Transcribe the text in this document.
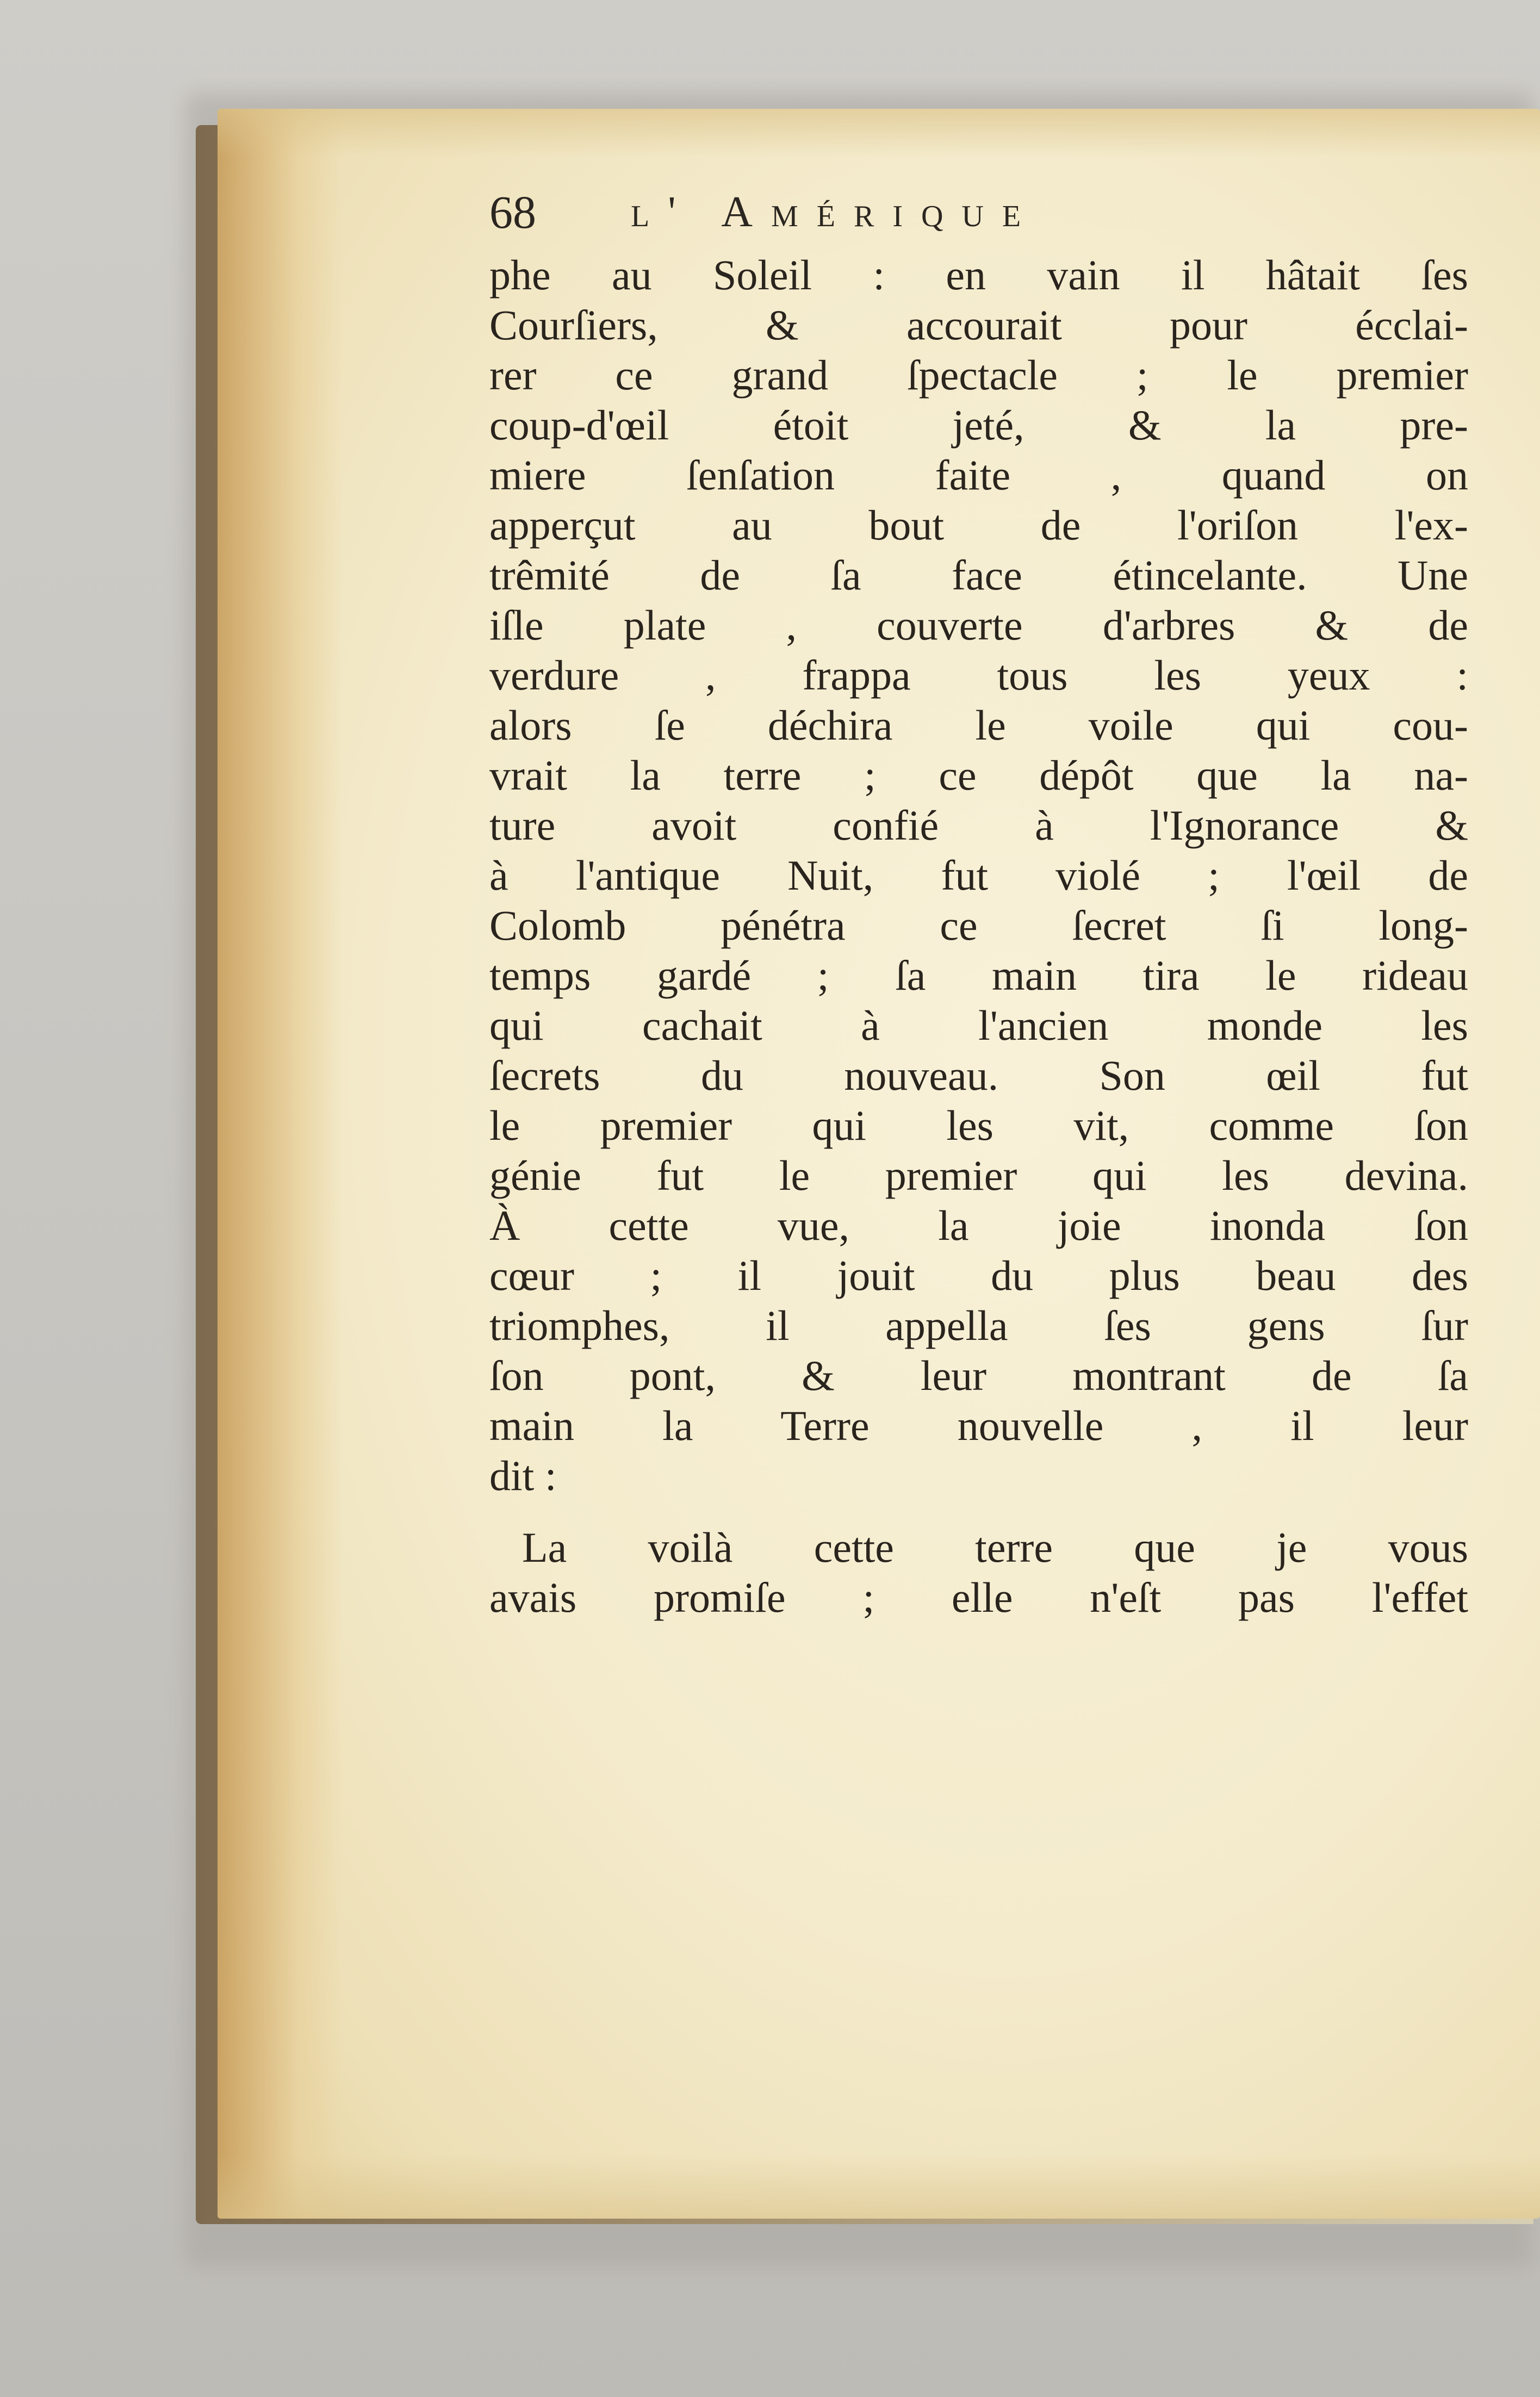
68 l' Amérique
phe au Soleil : en vain il hâtait ſes
Courſiers, & accourait pour écclai-
rer ce grand ſpectacle ; le premier
coup-d'œil étoit jeté, & la pre-
miere ſenſation faite , quand on
apperçut au bout de l'oriſon l'ex-
trêmité de ſa face étincelante. Une
iſle plate , couverte d'arbres & de
verdure , frappa tous les yeux :
alors ſe déchira le voile qui cou-
vrait la terre ; ce dépôt que la na-
ture avoit confié à l'Ignorance &
à l'antique Nuit, fut violé ; l'œil de
Colomb pénétra ce ſecret ſi long-
temps gardé ; ſa main tira le rideau
qui cachait à l'ancien monde les
ſecrets du nouveau. Son œil fut
le premier qui les vit, comme ſon
génie fut le premier qui les devina.
À cette vue, la joie inonda ſon
cœur ; il jouit du plus beau des
triomphes, il appella ſes gens ſur
ſon pont, & leur montrant de ſa
main la Terre nouvelle , il leur
dit :
La voilà cette terre que je vous
avais promiſe ; elle n'eſt pas l'effet
